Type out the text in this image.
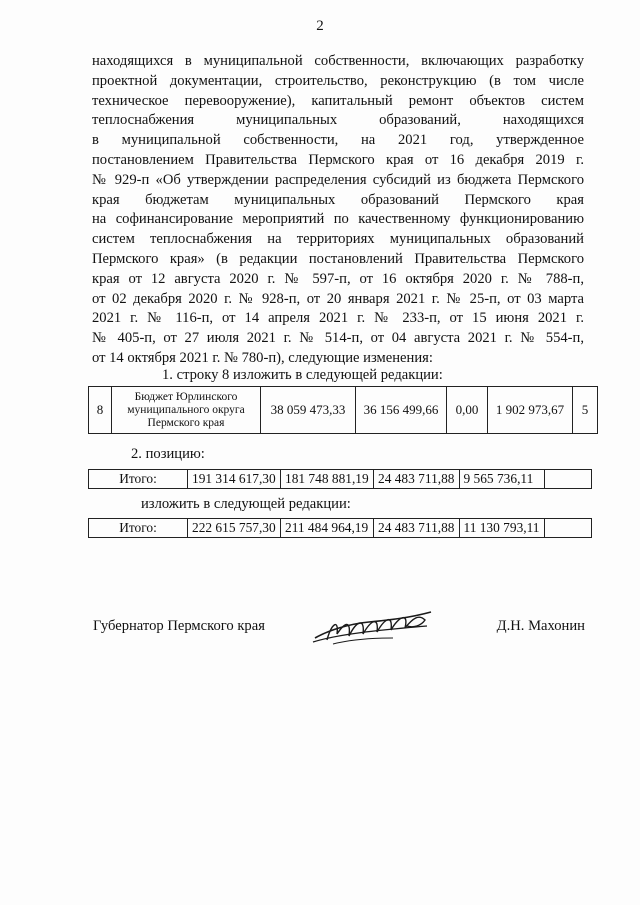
2
находящихся в муниципальной собственности, включающих разработку
проектной документации, строительство, реконструкцию (в том числе
техническое перевооружение), капитальный ремонт объектов систем
теплоснабжения муниципальных образований, находящихся
в муниципальной собственности, на 2021 год, утвержденное
постановлением Правительства Пермского края от 16 декабря 2019 г.
№ 929-п «Об утверждении распределения субсидий из бюджета Пермского
края бюджетам муниципальных образований Пермского края
на софинансирование мероприятий по качественному функционированию
систем теплоснабжения на территориях муниципальных образований
Пермского края» (в редакции постановлений Правительства Пермского
края от 12 августа 2020 г. № 597-п, от 16 октября 2020 г. № 788-п,
от 02 декабря 2020 г. № 928-п, от 20 января 2021 г. № 25-п, от 03 марта
2021 г. № 116-п, от 14 апреля 2021 г. № 233-п, от 15 июня 2021 г.
№ 405-п, от 27 июля 2021 г. № 514-п, от 04 августа 2021 г. № 554-п,
от 14 октября 2021 г. № 780-п), следующие изменения:
1. строку 8 изложить в следующей редакции:
8	Бюджет Юрлинского муниципального округа Пермского края	38 059 473,33	36 156 499,66	0,00	1 902 973,67	5
2. позицию:
Итого:	191 314 617,30	181 748 881,19	24 483 711,88	9 565 736,11	
изложить в следующей редакции:
Итого:	222 615 757,30	211 484 964,19	24 483 711,88	11 130 793,11	
Губернатор Пермского края	Д.Н. Махонин
